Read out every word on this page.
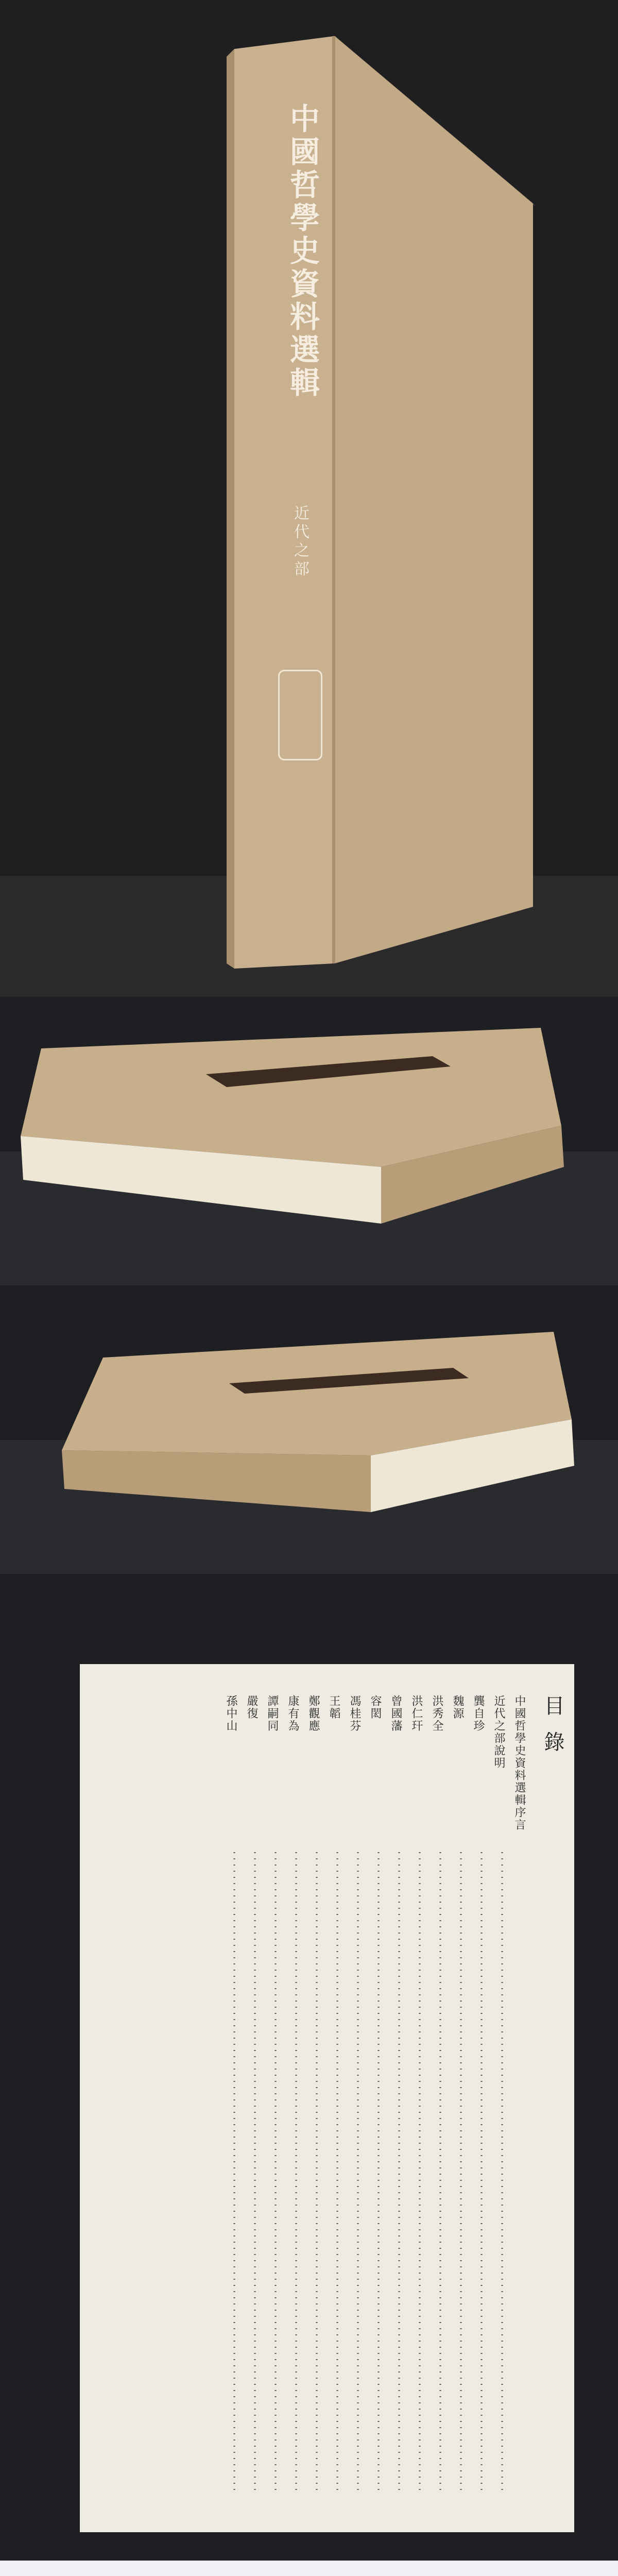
中國哲學史資料選輯
近代之部
目錄
中國哲學史資料選輯序言
近代之部說明
龔自珍
魏源
洪秀全
洪仁玕
曾國藩
容閎
馮桂芬
王韜
鄭觀應
康有為
譚嗣同
嚴復
孫中山
